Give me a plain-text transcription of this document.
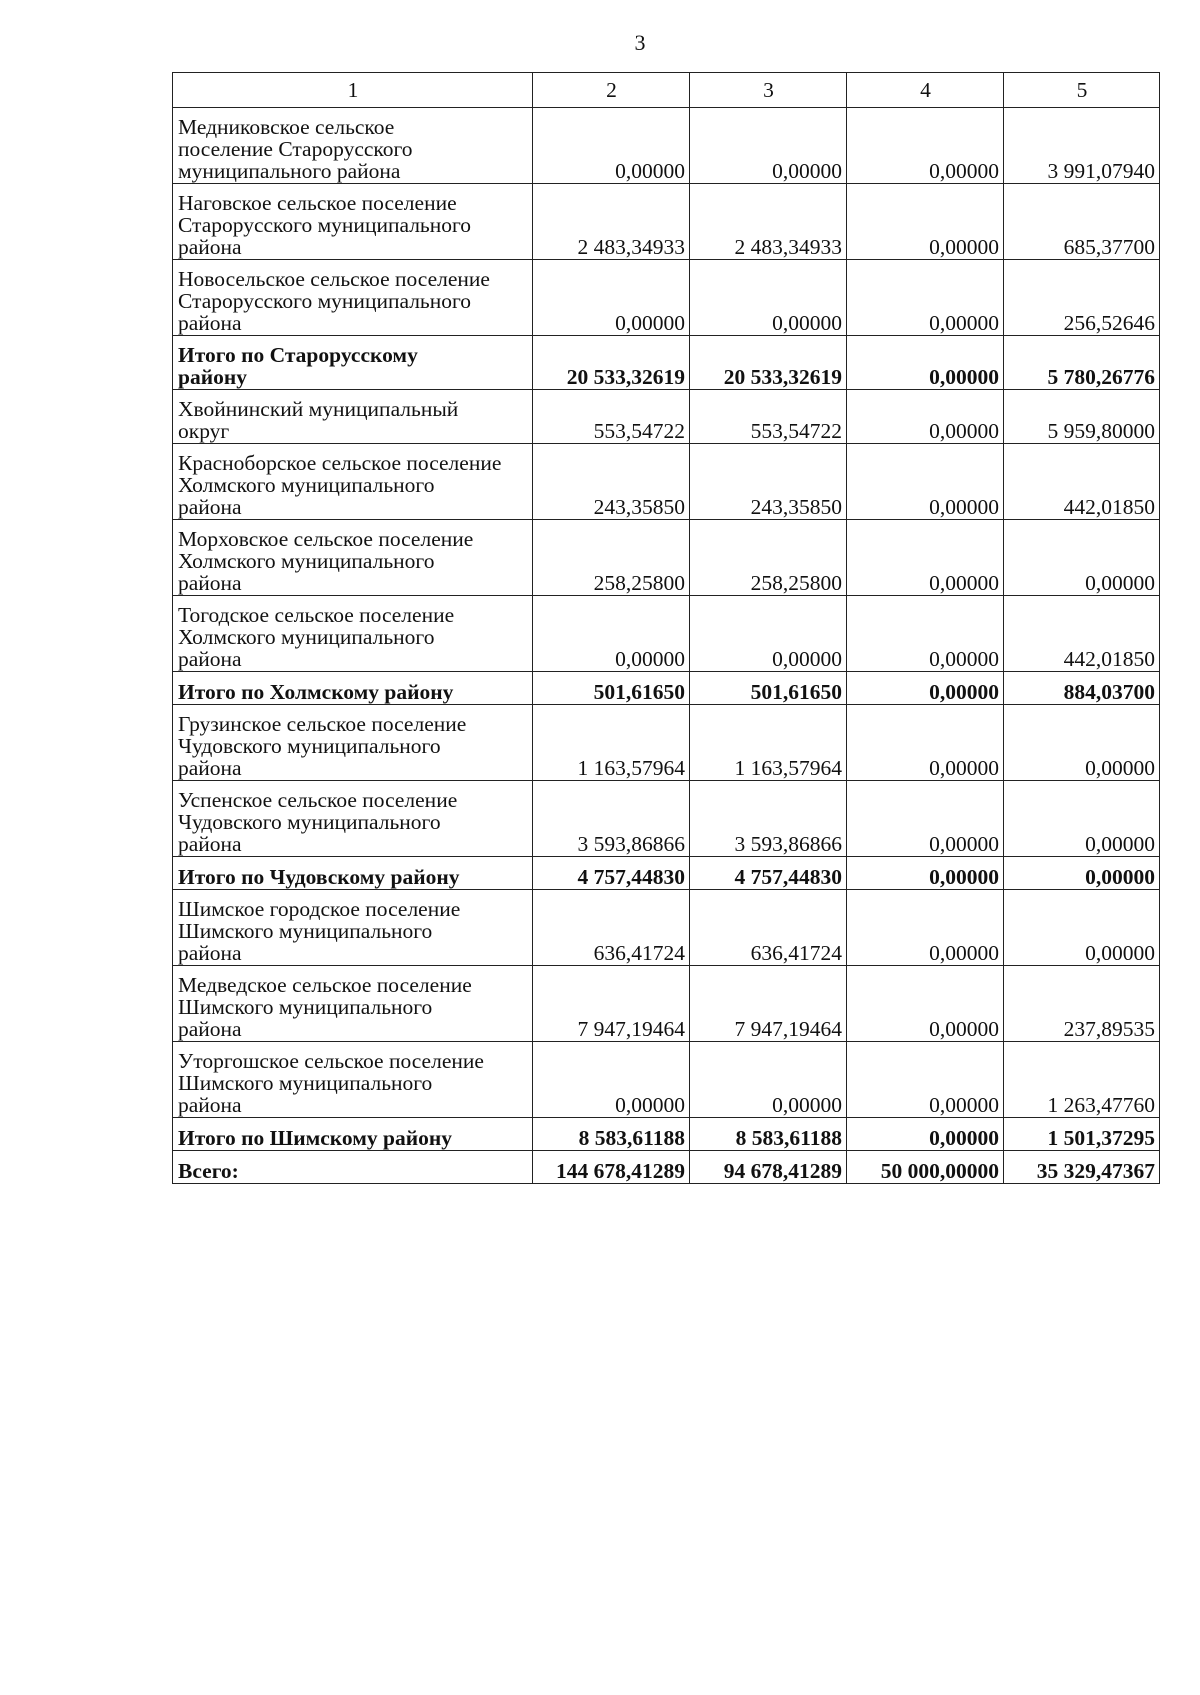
3
1	2	3	4	5
Медниковское сельское
поселение Старорусского
муниципального района	0,00000	0,00000	0,00000	3 991,07940
Наговское сельское поселение
Старорусского муниципального
района	2 483,34933	2 483,34933	0,00000	685,37700
Новосельское сельское поселение
Старорусского муниципального
района	0,00000	0,00000	0,00000	256,52646
Итого по Старорусскому
району	20 533,32619	20 533,32619	0,00000	5 780,26776
Хвойнинский муниципальный
округ	553,54722	553,54722	0,00000	5 959,80000
Красноборское сельское поселение
Холмского муниципального
района	243,35850	243,35850	0,00000	442,01850
Морховское сельское поселение
Холмского муниципального
района	258,25800	258,25800	0,00000	0,00000
Тогодское сельское поселение
Холмского муниципального
района	0,00000	0,00000	0,00000	442,01850
Итого по Холмскому району	501,61650	501,61650	0,00000	884,03700
Грузинское сельское поселение
Чудовского муниципального
района	1 163,57964	1 163,57964	0,00000	0,00000
Успенское сельское поселение
Чудовского муниципального
района	3 593,86866	3 593,86866	0,00000	0,00000
Итого по Чудовскому району	4 757,44830	4 757,44830	0,00000	0,00000
Шимское городское поселение
Шимского муниципального
района	636,41724	636,41724	0,00000	0,00000
Медведское сельское поселение
Шимского муниципального
района	7 947,19464	7 947,19464	0,00000	237,89535
Уторгошское сельское поселение
Шимского муниципального
района	0,00000	0,00000	0,00000	1 263,47760
Итого по Шимскому району	8 583,61188	8 583,61188	0,00000	1 501,37295
Всего:	144 678,41289	94 678,41289	50 000,00000	35 329,47367
